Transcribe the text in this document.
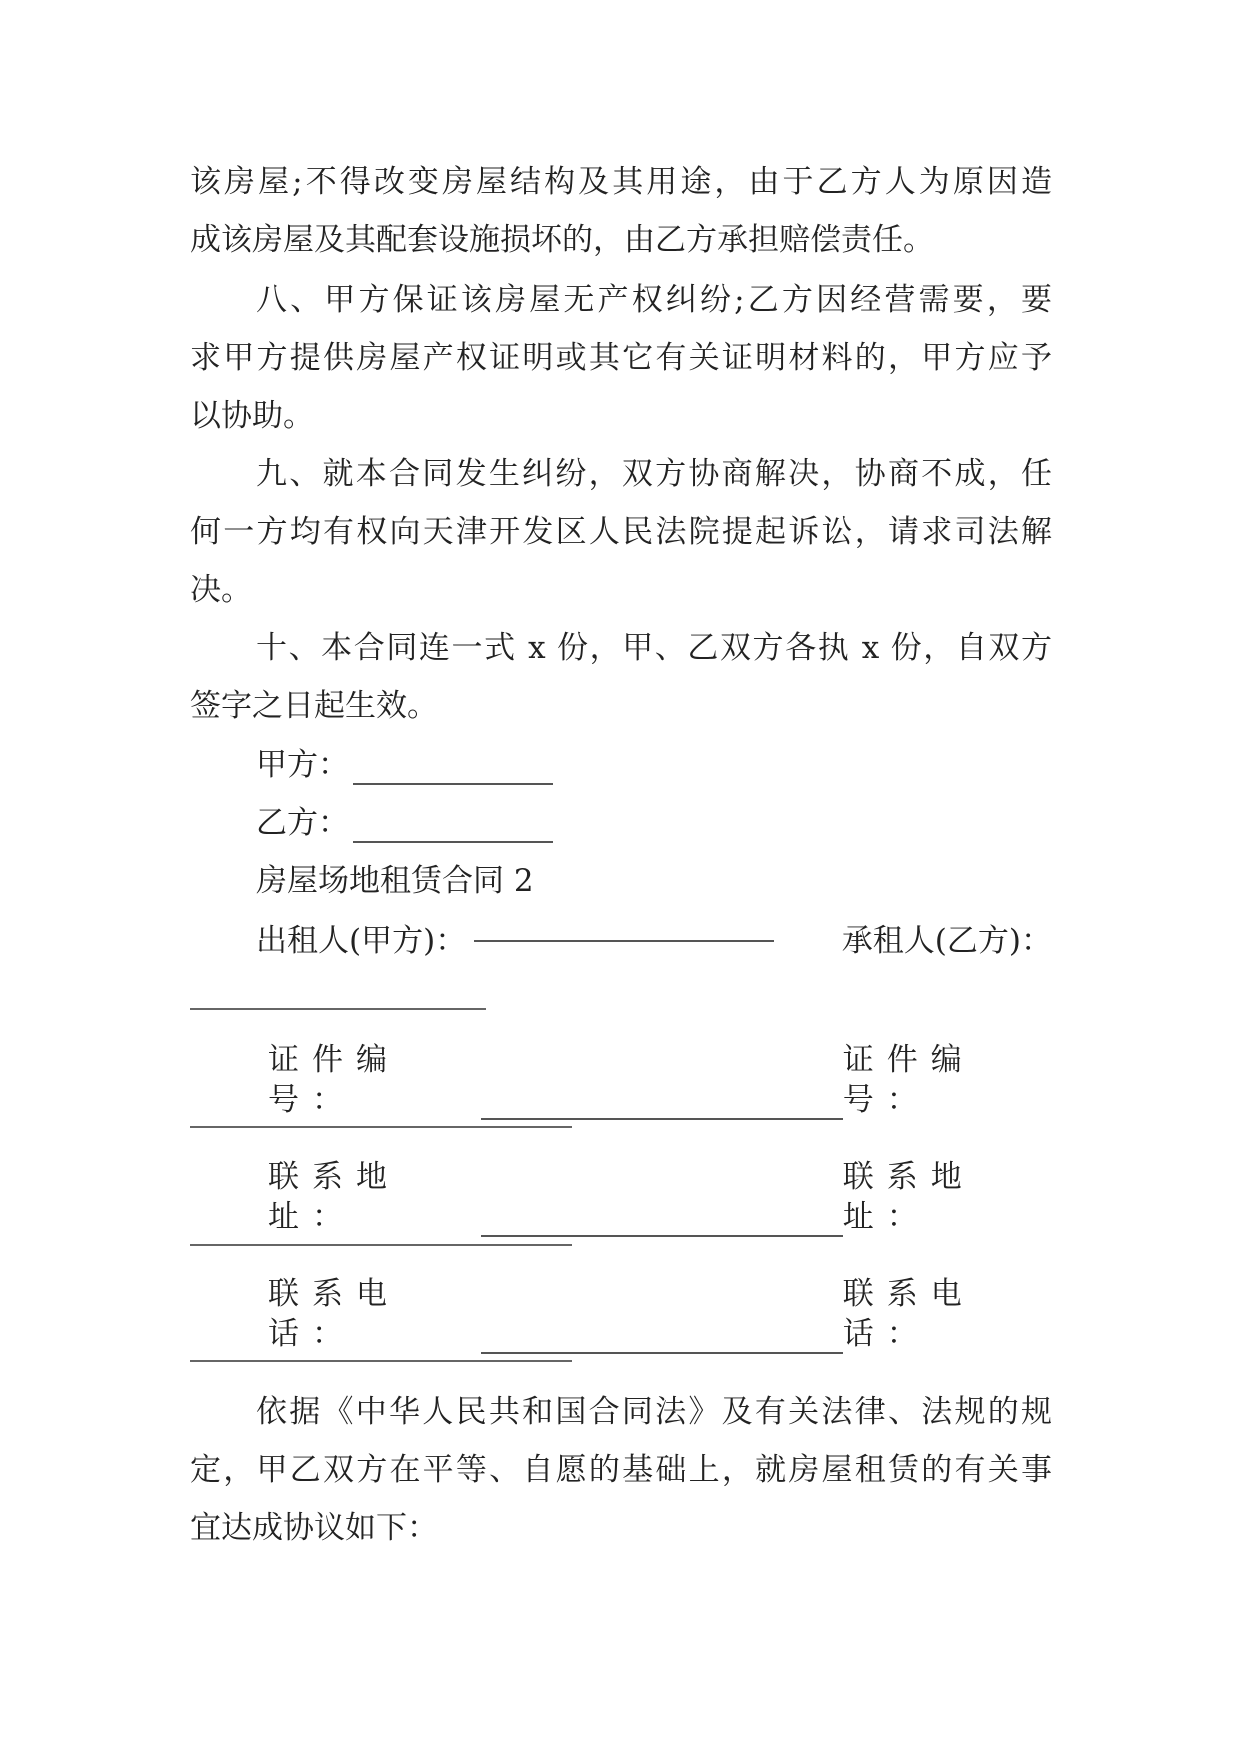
该房屋;不得改变房屋结构及其用途，由于乙方人为原因造
成该房屋及其配套设施损坏的，由乙方承担赔偿责任。
八、甲方保证该房屋无产权纠纷;乙方因经营需要，要
求甲方提供房屋产权证明或其它有关证明材料的，甲方应予
以协助。
九、就本合同发生纠纷，双方协商解决，协商不成，任
何一方均有权向天津开发区人民法院提起诉讼，请求司法解
决。
十、本合同连一式 x 份，甲、乙双方各执 x 份，自双方
签字之日起生效。
甲方：
乙方：
房屋场地租赁合同 2
出租人(甲方)：	承租人(乙方)：
证件编号：
证件编号：
联系地址：
联系地址：
联系电话：
联系电话：
依据《中华人民共和国合同法》及有关法律、法规的规
定，甲乙双方在平等、自愿的基础上，就房屋租赁的有关事
宜达成协议如下：
